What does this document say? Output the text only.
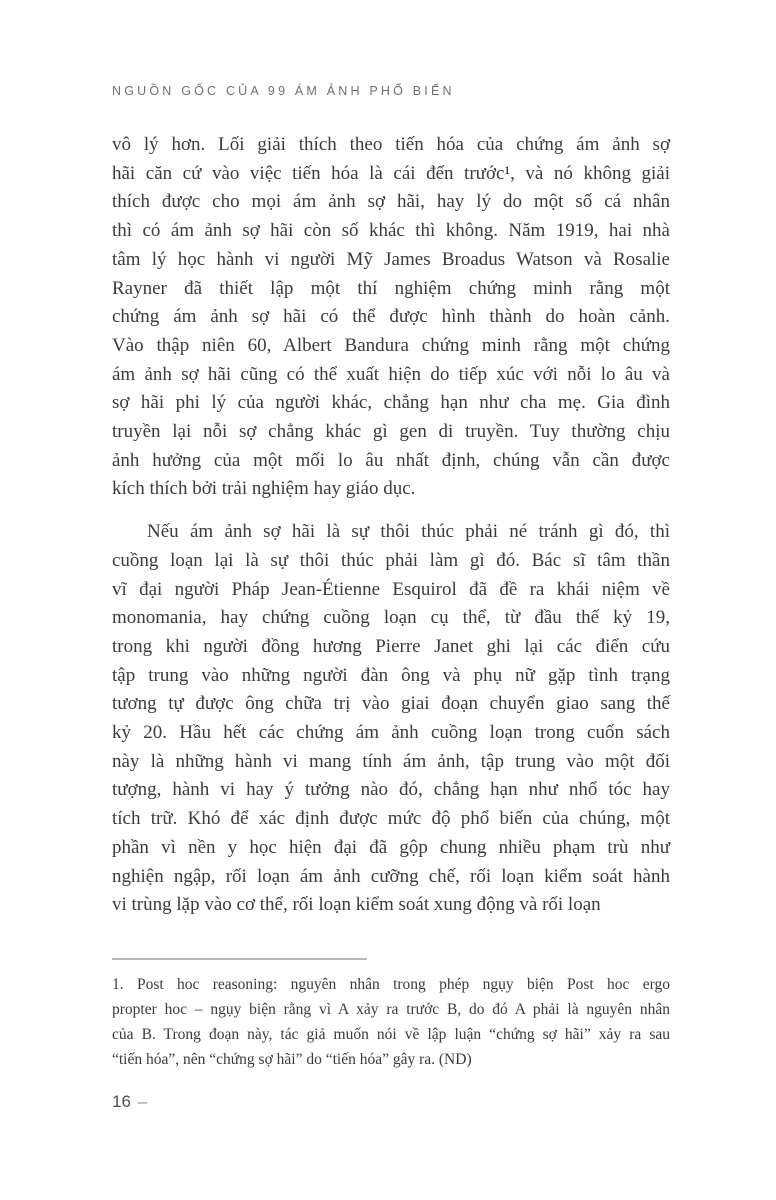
NGUỒN GỐC CỦA 99 ÁM ẢNH PHỔ BIẾN
vô lý hơn. Lối giải thích theo tiến hóa của chứng ám ảnh sợ
hãi căn cứ vào việc tiến hóa là cái đến trước¹, và nó không giải
thích được cho mọi ám ảnh sợ hãi, hay lý do một số cá nhân
thì có ám ảnh sợ hãi còn số khác thì không. Năm 1919, hai nhà
tâm lý học hành vi người Mỹ James Broadus Watson và Rosalie
Rayner đã thiết lập một thí nghiệm chứng minh rằng một
chứng ám ảnh sợ hãi có thể được hình thành do hoàn cảnh.
Vào thập niên 60, Albert Bandura chứng minh rằng một chứng
ám ảnh sợ hãi cũng có thể xuất hiện do tiếp xúc với nỗi lo âu và
sợ hãi phi lý của người khác, chẳng hạn như cha mẹ. Gia đình
truyền lại nỗi sợ chẳng khác gì gen di truyền. Tuy thường chịu
ảnh hưởng của một mối lo âu nhất định, chúng vẫn cần được
kích thích bởi trải nghiệm hay giáo dục.
Nếu ám ảnh sợ hãi là sự thôi thúc phải né tránh gì đó, thì
cuồng loạn lại là sự thôi thúc phải làm gì đó. Bác sĩ tâm thần
vĩ đại người Pháp Jean-Étienne Esquirol đã đề ra khái niệm về
monomania, hay chứng cuồng loạn cụ thể, từ đầu thế kỷ 19,
trong khi người đồng hương Pierre Janet ghi lại các điển cứu
tập trung vào những người đàn ông và phụ nữ gặp tình trạng
tương tự được ông chữa trị vào giai đoạn chuyển giao sang thế
kỷ 20. Hầu hết các chứng ám ảnh cuồng loạn trong cuốn sách
này là những hành vi mang tính ám ảnh, tập trung vào một đối
tượng, hành vi hay ý tưởng nào đó, chẳng hạn như nhổ tóc hay
tích trữ. Khó để xác định được mức độ phổ biến của chúng, một
phần vì nền y học hiện đại đã gộp chung nhiều phạm trù như
nghiện ngập, rối loạn ám ảnh cưỡng chế, rối loạn kiểm soát hành
vi trùng lặp vào cơ thể, rối loạn kiểm soát xung động và rối loạn
1. Post hoc reasoning: nguyên nhân trong phép ngụy biện Post hoc ergo
propter hoc – ngụy biện rằng vì A xảy ra trước B, do đó A phải là nguyên nhân
của B. Trong đoạn này, tác giả muốn nói về lập luận “chứng sợ hãi” xảy ra sau
“tiến hóa”, nên “chứng sợ hãi” do “tiến hóa” gây ra. (ND)
16 –
